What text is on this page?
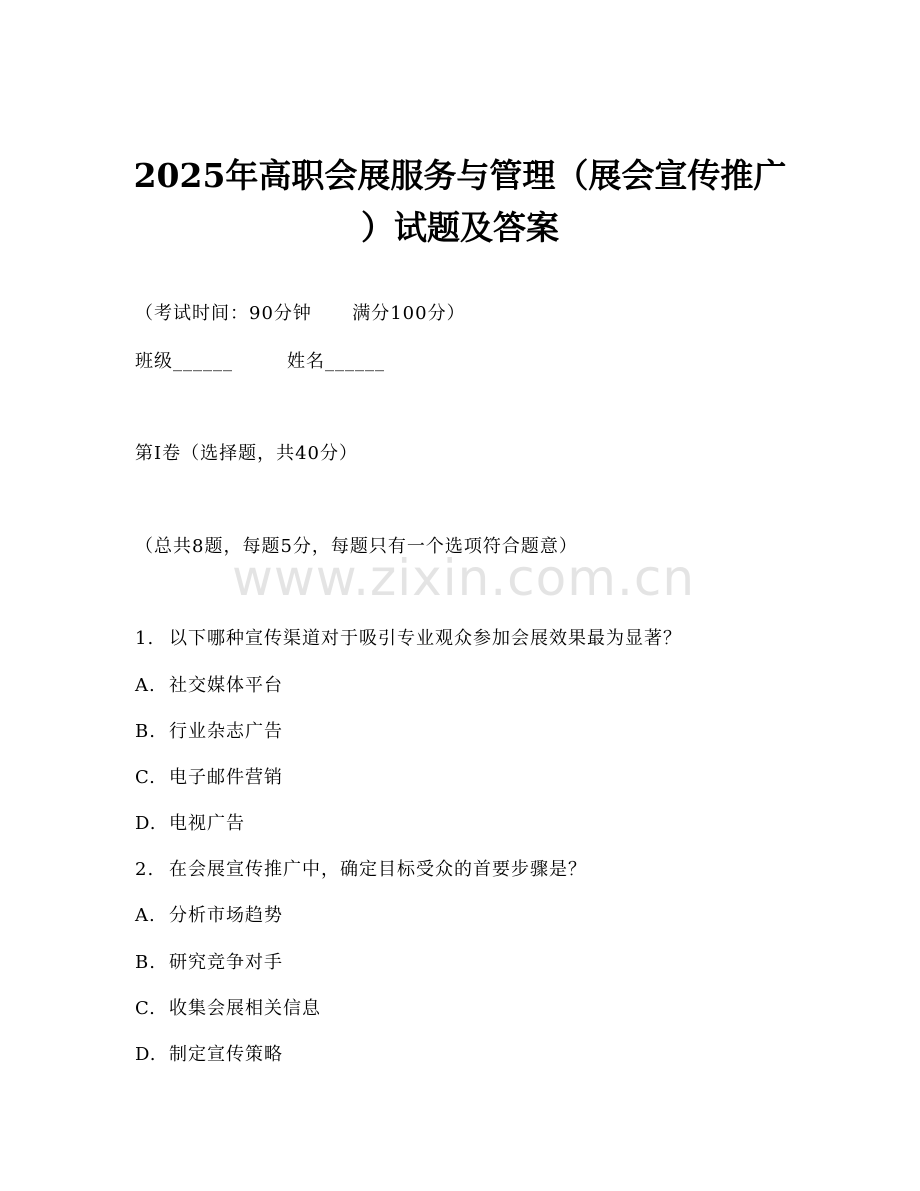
2025年高职会展服务与管理（展会宣传推广
）试题及答案

（考试时间：90分钟      满分100分）

班级______	姓名______

第I卷（选择题，共40分）

（总共8题，每题5分，每题只有一个选项符合题意）

www.zixin.com.cn

1. 以下哪种宣传渠道对于吸引专业观众参加会展效果最为显著？

A. 社交媒体平台

B. 行业杂志广告

C. 电子邮件营销

D. 电视广告

2. 在会展宣传推广中，确定目标受众的首要步骤是？

A. 分析市场趋势

B. 研究竞争对手

C. 收集会展相关信息

D. 制定宣传策略
